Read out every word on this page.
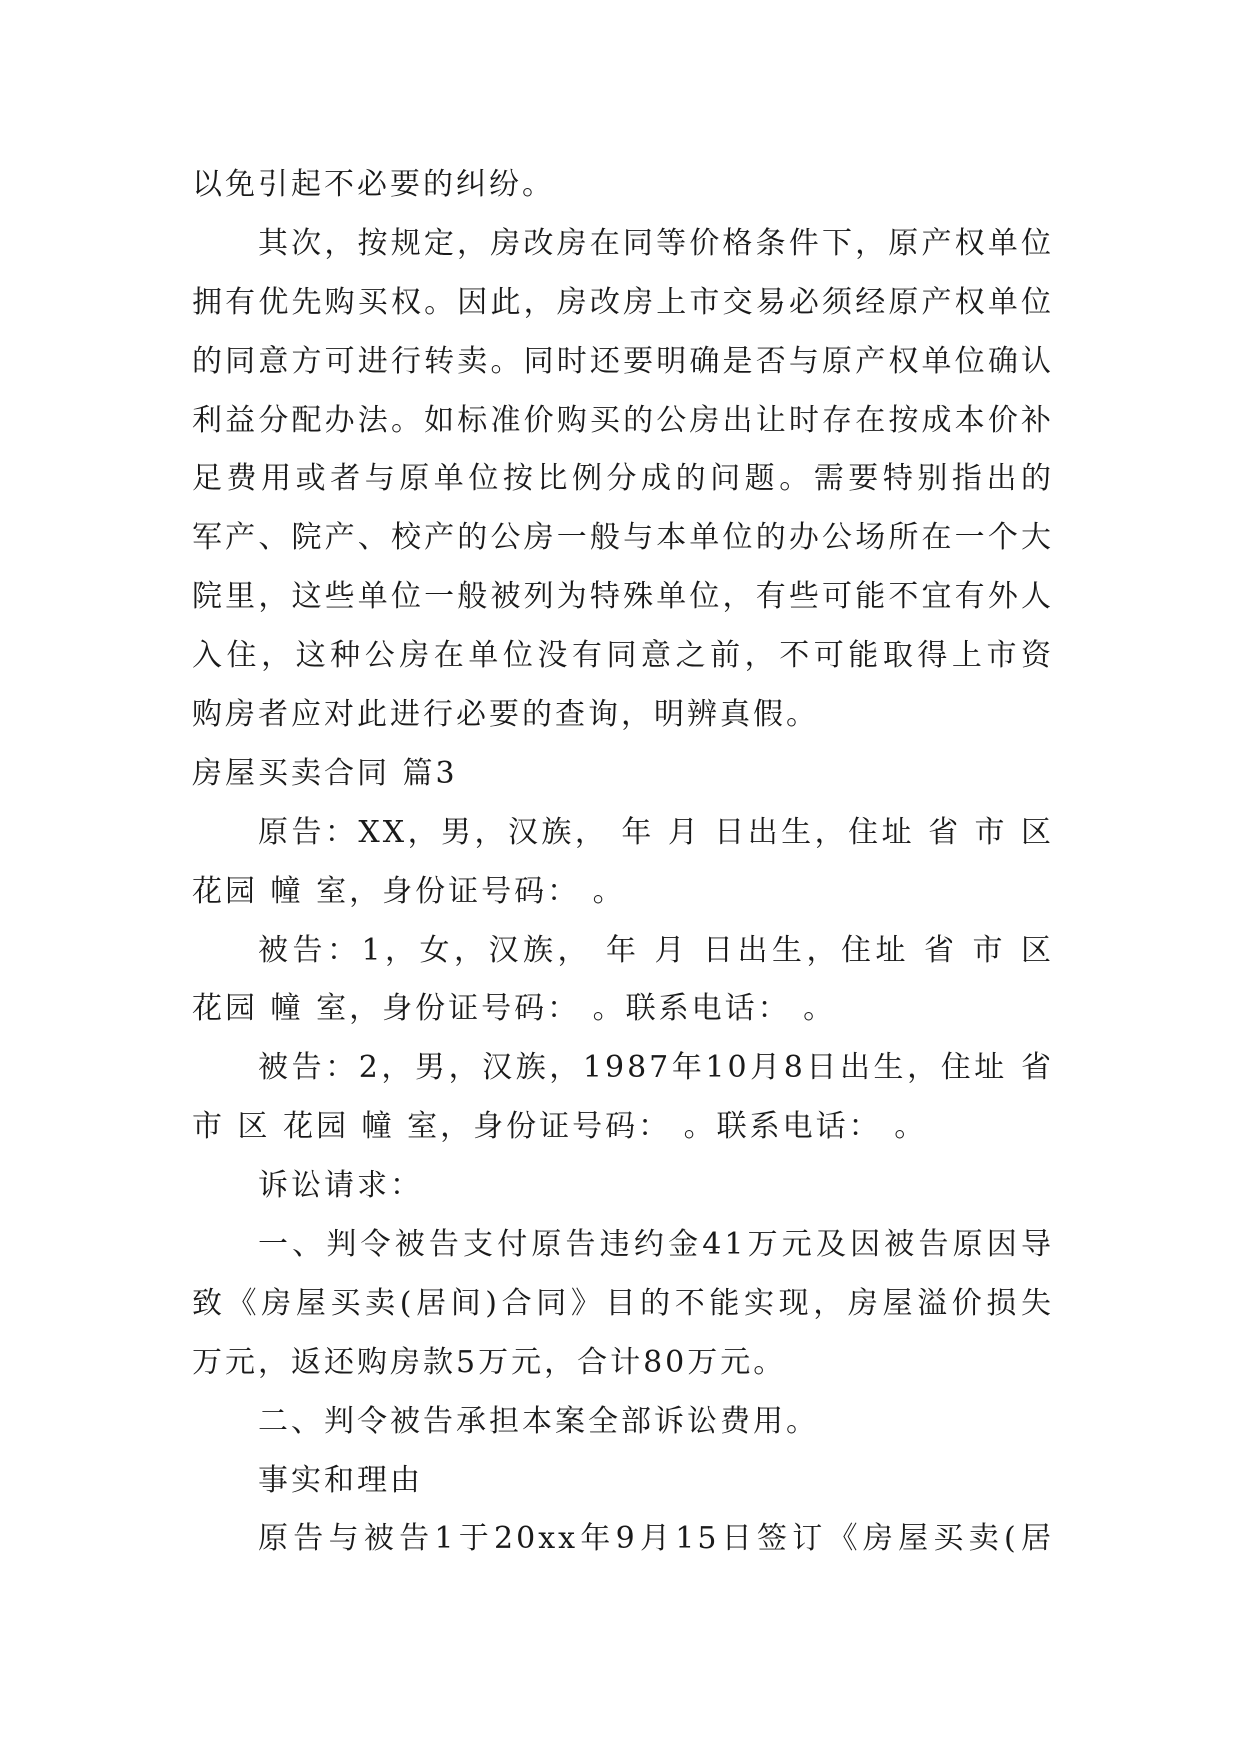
以免引起不必要的纠纷。
其次，按规定，房改房在同等价格条件下，原产权单位
拥有优先购买权。因此，房改房上市交易必须经原产权单位
的同意方可进行转卖。同时还要明确是否与原产权单位确认
利益分配办法。如标准价购买的公房出让时存在按成本价补
足费用或者与原单位按比例分成的问题。需要特别指出的
军产、院产、校产的公房一般与本单位的办公场所在一个大
院里，这些单位一般被列为特殊单位，有些可能不宜有外人
入住，这种公房在单位没有同意之前，不可能取得上市资
购房者应对此进行必要的查询，明辨真假。
房屋买卖合同 篇3
原告：XX，男，汉族， 年 月 日出生，住址 省 市 区
花园 幢 室，身份证号码： 。
被告：1，女，汉族， 年 月 日出生，住址 省 市 区
花园 幢 室，身份证号码： 。联系电话： 。
被告：2，男，汉族，1987年10月8日出生，住址 省
市 区 花园 幢 室，身份证号码： 。联系电话： 。
诉讼请求：
一、判令被告支付原告违约金41万元及因被告原因导
致《房屋买卖(居间)合同》目的不能实现，房屋溢价损失
万元，返还购房款5万元，合计80万元。
二、判令被告承担本案全部诉讼费用。
事实和理由
原告与被告1于20xx年9月15日签订《房屋买卖(居
